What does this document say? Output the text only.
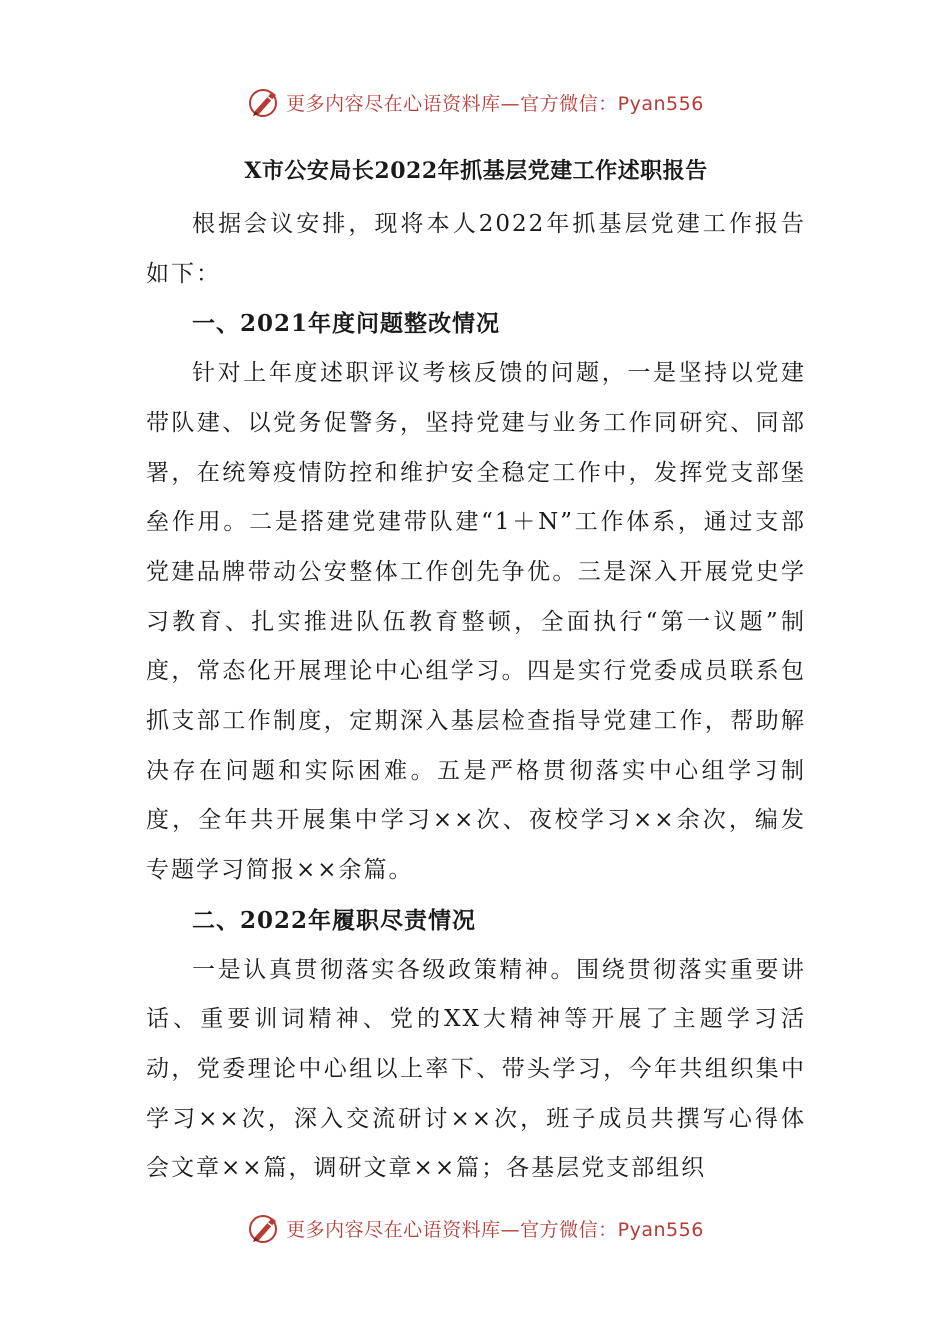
更多内容尽在心语资料库—官方微信：Pyan556
X市公安局长2022年抓基层党建工作述职报告

根据会议安排，现将本人2022年抓基层党建工作报告如下：

一、2021年度问题整改情况

针对上年度述职评议考核反馈的问题，一是坚持以党建带队建、以党务促警务，坚持党建与业务工作同研究、同部署，在统筹疫情防控和维护安全稳定工作中，发挥党支部堡垒作用。二是搭建党建带队建“1＋N”工作体系，通过支部党建品牌带动公安整体工作创先争优。三是深入开展党史学习教育、扎实推进队伍教育整顿，全面执行“第一议题”制度，常态化开展理论中心组学习。四是实行党委成员联系包抓支部工作制度，定期深入基层检查指导党建工作，帮助解决存在问题和实际困难。五是严格贯彻落实中心组学习制度，全年共开展集中学习××次、夜校学习××余次，编发专题学习简报××余篇。

二、2022年履职尽责情况

一是认真贯彻落实各级政策精神。围绕贯彻落实重要讲话、重要训词精神、党的XX大精神等开展了主题学习活动，党委理论中心组以上率下、带头学习，今年共组织集中学习××次，深入交流研讨××次，班子成员共撰写心得体会文章××篇，调研文章××篇；各基层党支部组织

更多内容尽在心语资料库—官方微信：Pyan556
